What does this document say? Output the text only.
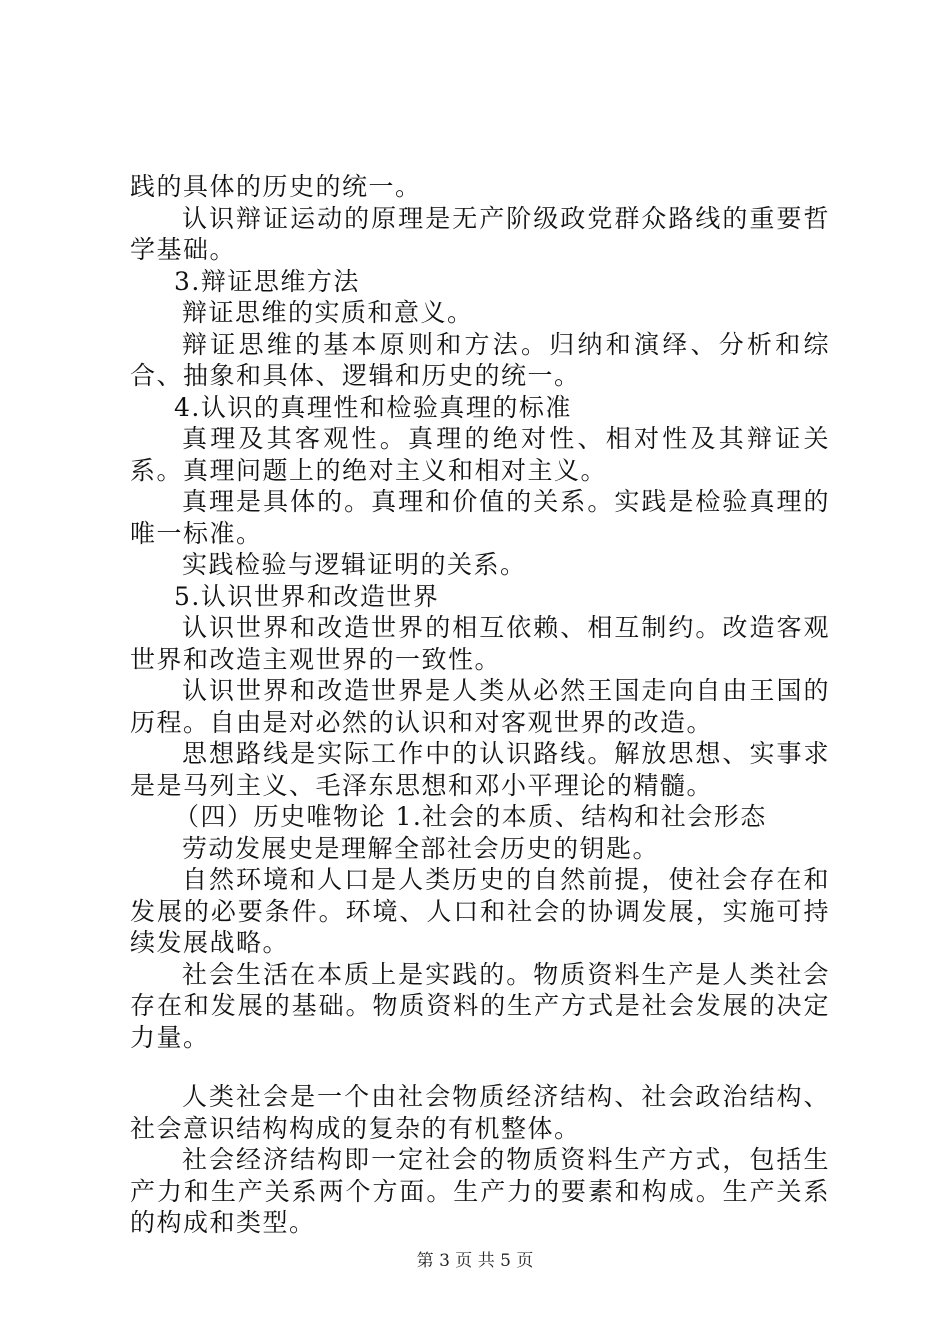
践的具体的历史的统一。

认识辩证运动的原理是无产阶级政党群众路线的重要哲学基础。

3.辩证思维方法

辩证思维的实质和意义。

辩证思维的基本原则和方法。归纳和演绎、分析和综合、抽象和具体、逻辑和历史的统一。

4.认识的真理性和检验真理的标准

真理及其客观性。真理的绝对性、相对性及其辩证关系。真理问题上的绝对主义和相对主义。

真理是具体的。真理和价值的关系。实践是检验真理的唯一标准。

实践检验与逻辑证明的关系。

5.认识世界和改造世界

认识世界和改造世界的相互依赖、相互制约。改造客观世界和改造主观世界的一致性。

认识世界和改造世界是人类从必然王国走向自由王国的历程。自由是对必然的认识和对客观世界的改造。

思想路线是实际工作中的认识路线。解放思想、实事求是是马列主义、毛泽东思想和邓小平理论的精髓。

（四）历史唯物论 1.社会的本质、结构和社会形态

劳动发展史是理解全部社会历史的钥匙。

自然环境和人口是人类历史的自然前提，使社会存在和发展的必要条件。环境、人口和社会的协调发展，实施可持续发展战略。

社会生活在本质上是实践的。物质资料生产是人类社会存在和发展的基础。物质资料的生产方式是社会发展的决定力量。

人类社会是一个由社会物质经济结构、社会政治结构、社会意识结构构成的复杂的有机整体。

社会经济结构即一定社会的物质资料生产方式，包括生产力和生产关系两个方面。生产力的要素和构成。生产关系的构成和类型。

第 3 页 共 5 页
